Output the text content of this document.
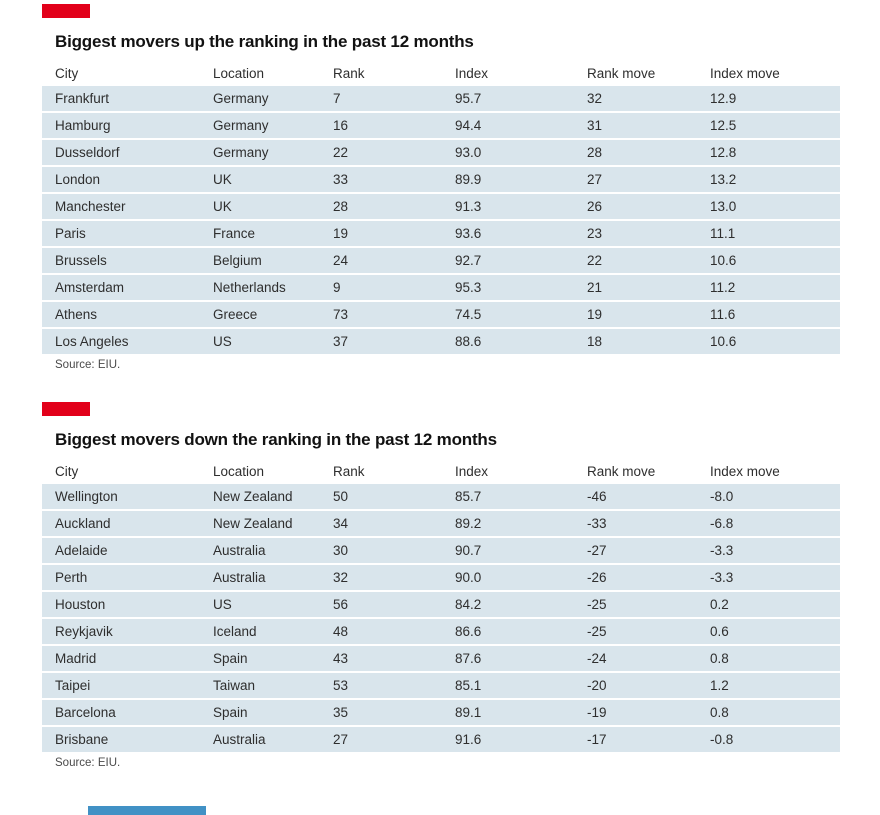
Biggest movers up the ranking in the past 12 months
City	Location	Rank	Index	Rank move	Index move
Frankfurt	Germany	7	95.7	32	12.9
Hamburg	Germany	16	94.4	31	12.5
Dusseldorf	Germany	22	93.0	28	12.8
London	UK	33	89.9	27	13.2
Manchester	UK	28	91.3	26	13.0
Paris	France	19	93.6	23	11.1
Brussels	Belgium	24	92.7	22	10.6
Amsterdam	Netherlands	9	95.3	21	11.2
Athens	Greece	73	74.5	19	11.6
Los Angeles	US	37	88.6	18	10.6
Source: EIU.
Biggest movers down the ranking in the past 12 months
City	Location	Rank	Index	Rank move	Index move
Wellington	New Zealand	50	85.7	-46	-8.0
Auckland	New Zealand	34	89.2	-33	-6.8
Adelaide	Australia	30	90.7	-27	-3.3
Perth	Australia	32	90.0	-26	-3.3
Houston	US	56	84.2	-25	0.2
Reykjavik	Iceland	48	86.6	-25	0.6
Madrid	Spain	43	87.6	-24	0.8
Taipei	Taiwan	53	85.1	-20	1.2
Barcelona	Spain	35	89.1	-19	0.8
Brisbane	Australia	27	91.6	-17	-0.8
Source: EIU.
